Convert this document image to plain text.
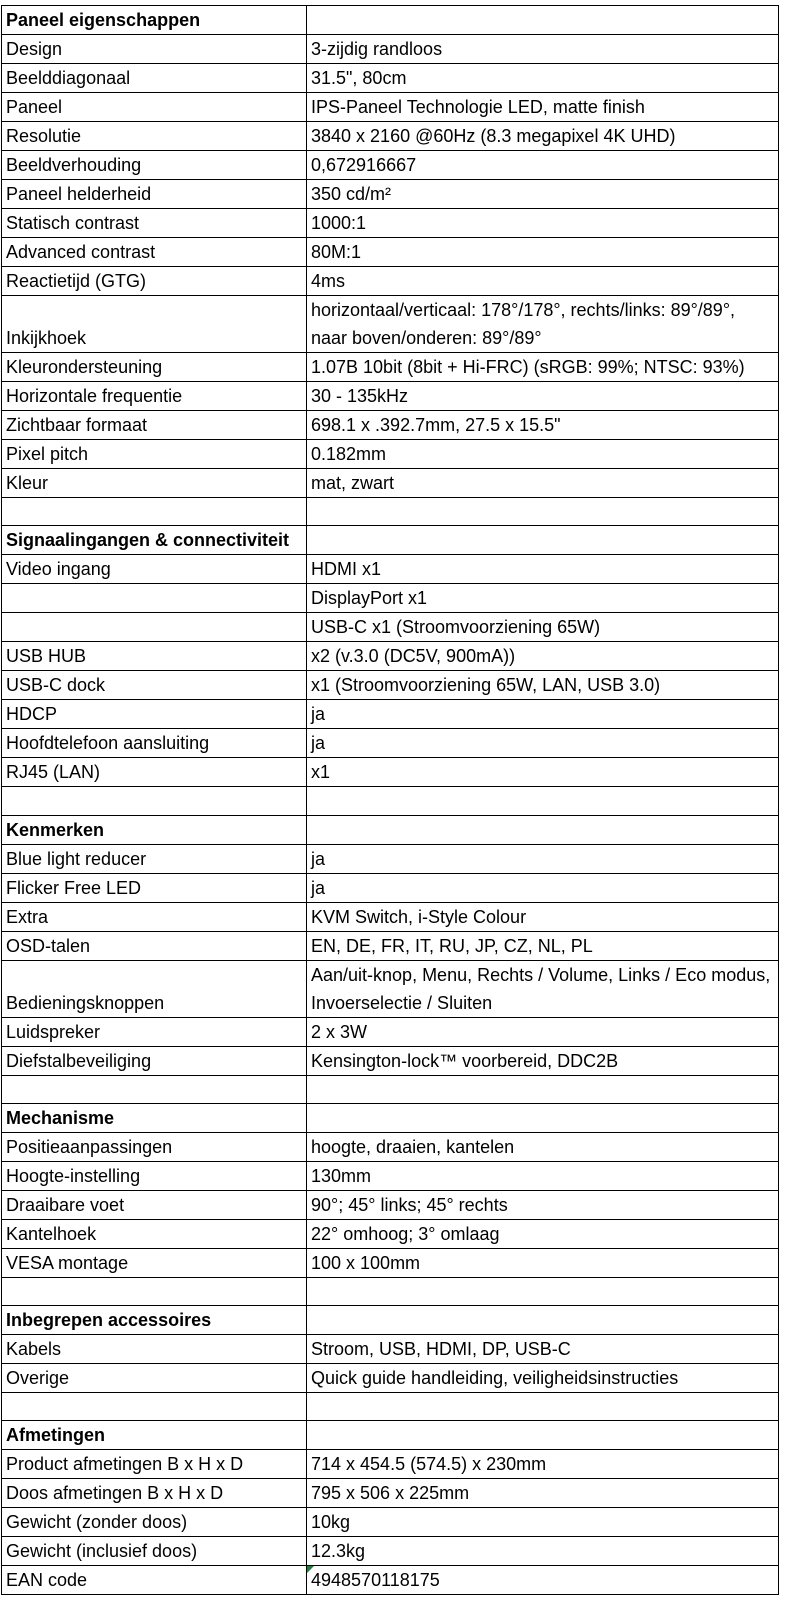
Paneel eigenschappen	
Design	3-zijdig randloos
Beelddiagonaal	31.5", 80cm
Paneel	IPS-Paneel Technologie LED, matte finish
Resolutie	3840 x 2160 @60Hz (8.3 megapixel 4K UHD)
Beeldverhouding	0,672916667
Paneel helderheid	350 cd/m²
Statisch contrast	1000:1
Advanced contrast	80M:1
Reactietijd (GTG)	4ms
Inkijkhoek	horizontaal/verticaal: 178°/178°, rechts/links: 89°/89°, naar boven/onderen: 89°/89°
Kleurondersteuning	1.07B 10bit (8bit + Hi-FRC) (sRGB: 99%; NTSC: 93%)
Horizontale frequentie	30 - 135kHz
Zichtbaar formaat	698.1 x .392.7mm, 27.5 x 15.5"
Pixel pitch	0.182mm
Kleur	mat, zwart

Signaalingangen & connectiviteit	
Video ingang	HDMI x1
	DisplayPort x1
	USB-C x1 (Stroomvoorziening 65W)
USB HUB	x2 (v.3.0 (DC5V, 900mA))
USB-C dock	x1 (Stroomvoorziening 65W, LAN, USB 3.0)
HDCP	ja
Hoofdtelefoon aansluiting	ja
RJ45 (LAN)	x1

Kenmerken	
Blue light reducer	ja
Flicker Free LED	ja
Extra	KVM Switch, i-Style Colour
OSD-talen	EN, DE, FR, IT, RU, JP, CZ, NL, PL
Bedieningsknoppen	Aan/uit-knop, Menu, Rechts / Volume, Links / Eco modus, Invoerselectie / Sluiten
Luidspreker	2 x 3W
Diefstalbeveiliging	Kensington-lock™ voorbereid, DDC2B

Mechanisme	
Positieaanpassingen	hoogte, draaien, kantelen
Hoogte-instelling	130mm
Draaibare voet	90°; 45° links; 45° rechts
Kantelhoek	22° omhoog; 3° omlaag
VESA montage	100 x 100mm

Inbegrepen accessoires	
Kabels	Stroom, USB, HDMI, DP, USB-C
Overige	Quick guide handleiding, veiligheidsinstructies

Afmetingen	
Product afmetingen B x H x D	714 x 454.5 (574.5) x 230mm
Doos afmetingen B x H x D	795 x 506 x 225mm
Gewicht (zonder doos)	10kg
Gewicht (inclusief doos)	12.3kg
EAN code	4948570118175
